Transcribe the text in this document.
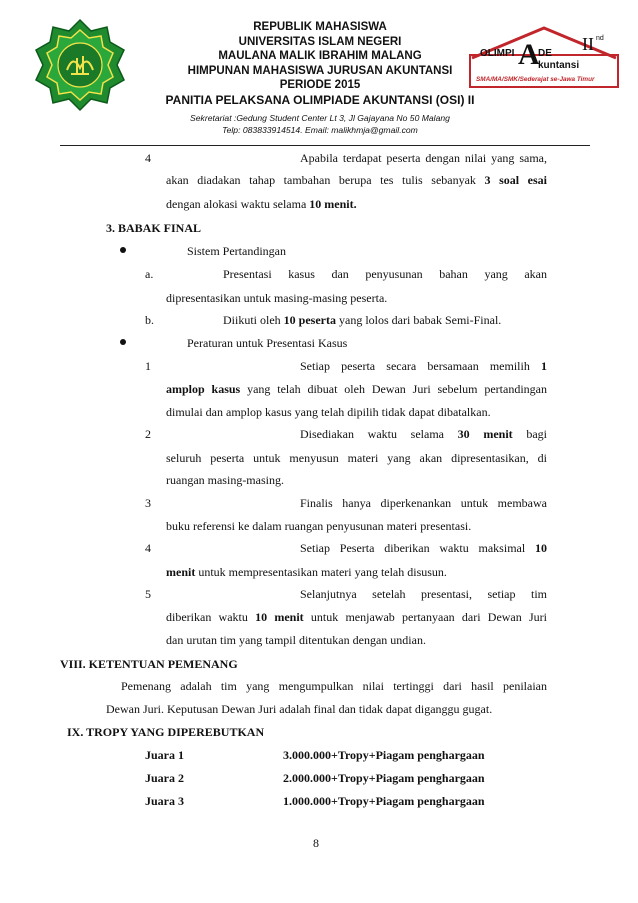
REPUBLIK MAHASISWA
UNIVERSITAS ISLAM NEGERI
MAULANA MALIK IBRAHIM MALANG
HIMPUNAN MAHASISWA JURUSAN AKUNTANSI
PERIODE 2015
PANITIA PELAKSANA OLIMPIADE AKUNTANSI (OSI) II
OLIMPI A
DE II nd
kuntansi
SMA/MA/SMK/Sederajat se-Jawa Timur
Sekretariat :Gedung Student Center Lt 3, Jl Gajayana No 50 Malang
Telp: 083833914514. Email: malikhmja@gmail.com
4	Apabila terdapat peserta dengan nilai yang sama,
akan diadakan tahap tambahan berupa tes tulis sebanyak 3 soal esai
dengan alokasi waktu selama 10 menit.
3. BABAK FINAL
Sistem Pertandingan
a.	Presentasi kasus dan penyusunan bahan yang akan
dipresentasikan untuk masing-masing peserta.
b.	Diikuti oleh 10 peserta yang lolos dari babak Semi-Final.
Peraturan untuk Presentasi Kasus
1	Setiap peserta secara bersamaan memilih 1
amplop kasus yang telah dibuat oleh Dewan Juri sebelum pertandingan
dimulai dan amplop kasus yang telah dipilih tidak dapat dibatalkan.
2	Disediakan waktu selama 30 menit bagi
seluruh peserta untuk menyusun materi yang akan dipresentasikan, di
ruangan masing-masing.
3	Finalis hanya diperkenankan untuk membawa
buku referensi ke dalam ruangan penyusunan materi presentasi.
4	Setiap Peserta diberikan waktu maksimal 10
menit untuk mempresentasikan materi yang telah disusun.
5	Selanjutnya setelah presentasi, setiap tim
diberikan waktu 10 menit untuk menjawab pertanyaan dari Dewan Juri
dan urutan tim yang tampil ditentukan dengan undian.
VIII. KETENTUAN PEMENANG
Pemenang adalah tim yang mengumpulkan nilai tertinggi dari hasil penilaian
Dewan Juri. Keputusan Dewan Juri adalah final dan tidak dapat diganggu gugat.
IX. TROPY YANG DIPEREBUTKAN
Juara 1	3.000.000+Tropy+Piagam penghargaan
Juara 2	2.000.000+Tropy+Piagam penghargaan
Juara 3	1.000.000+Tropy+Piagam penghargaan
8
